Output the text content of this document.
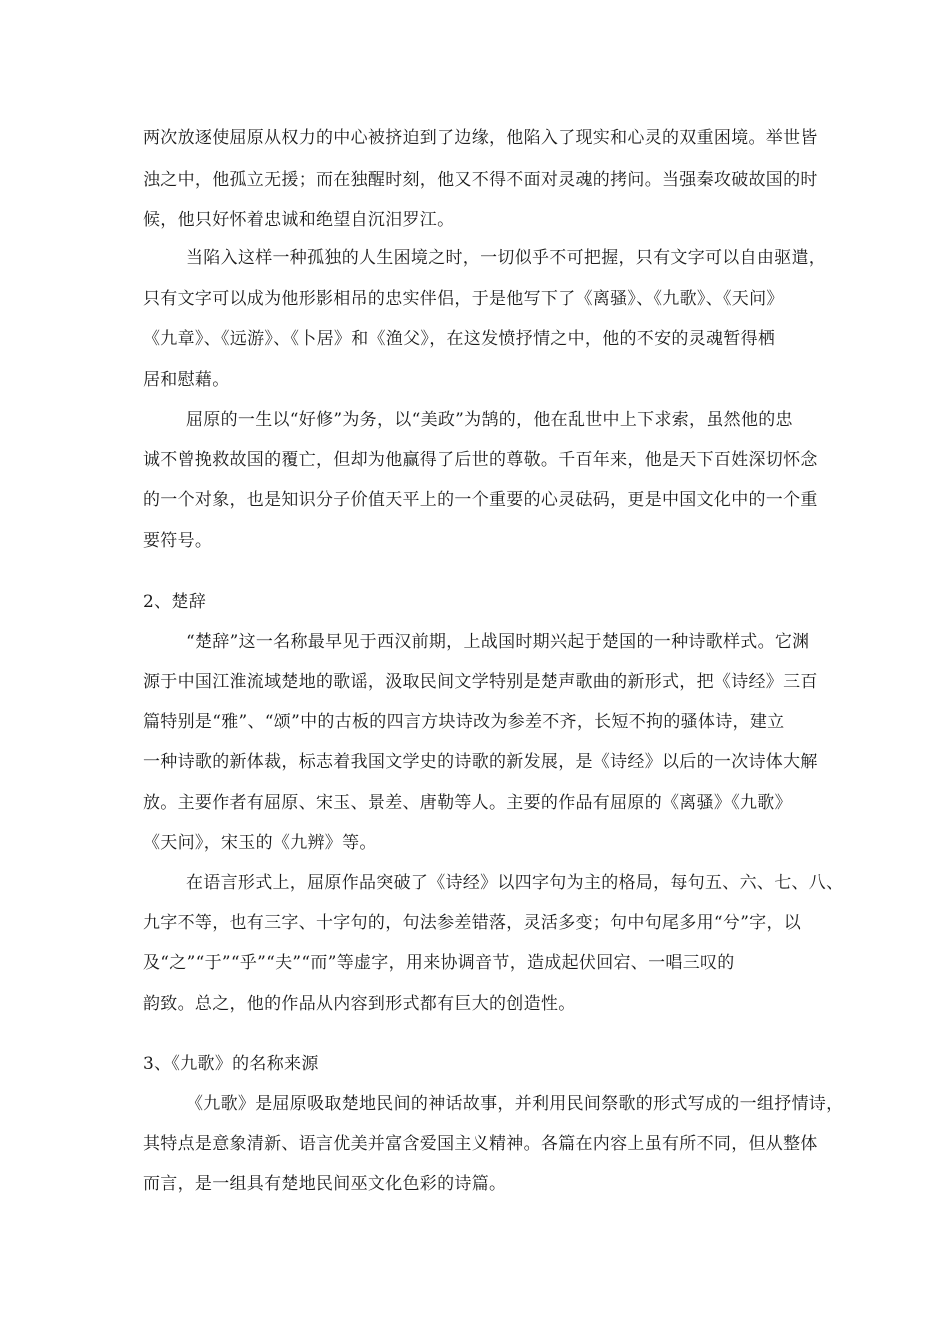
两次放逐使屈原从权力的中心被挤迫到了边缘，他陷入了现实和心灵的双重困境。举世皆
浊之中，他孤立无援；而在独醒时刻，他又不得不面对灵魂的拷问。当强秦攻破故国的时
候，他只好怀着忠诚和绝望自沉汨罗江。
当陷入这样一种孤独的人生困境之时，一切似乎不可把握，只有文字可以自由驱遣，
只有文字可以成为他形影相吊的忠实伴侣，于是他写下了《离骚》、《九歌》、《天问》
《九章》、《远游》、《卜居》和《渔父》，在这发愤抒情之中，他的不安的灵魂暂得栖
居和慰藉。
屈原的一生以“好修”为务，以“美政”为鹄的，他在乱世中上下求索，虽然他的忠
诚不曾挽救故国的覆亡，但却为他赢得了后世的尊敬。千百年来，他是天下百姓深切怀念
的一个对象，也是知识分子价值天平上的一个重要的心灵砝码，更是中国文化中的一个重
要符号。
2、楚辞
“楚辞”这一名称最早见于西汉前期，上战国时期兴起于楚国的一种诗歌样式。它渊
源于中国江淮流域楚地的歌谣，汲取民间文学特别是楚声歌曲的新形式，把《诗经》三百
篇特别是“雅”、“颂”中的古板的四言方块诗改为参差不齐，长短不拘的骚体诗，建立
一种诗歌的新体裁，标志着我国文学史的诗歌的新发展，是《诗经》以后的一次诗体大解
放。主要作者有屈原、宋玉、景差、唐勒等人。主要的作品有屈原的《离骚》《九歌》
《天问》，宋玉的《九辨》等。
在语言形式上，屈原作品突破了《诗经》以四字句为主的格局，每句五、六、七、八、
九字不等，也有三字、十字句的，句法参差错落，灵活多变；句中句尾多用“兮”字，以
及“之”“于”“乎”“夫”“而”等虚字，用来协调音节，造成起伏回宕、一唱三叹的
韵致。总之，他的作品从内容到形式都有巨大的创造性。
3、《九歌》的名称来源
《九歌》是屈原吸取楚地民间的神话故事，并利用民间祭歌的形式写成的一组抒情诗，
其特点是意象清新、语言优美并富含爱国主义精神。各篇在内容上虽有所不同，但从整体
而言，是一组具有楚地民间巫文化色彩的诗篇。
